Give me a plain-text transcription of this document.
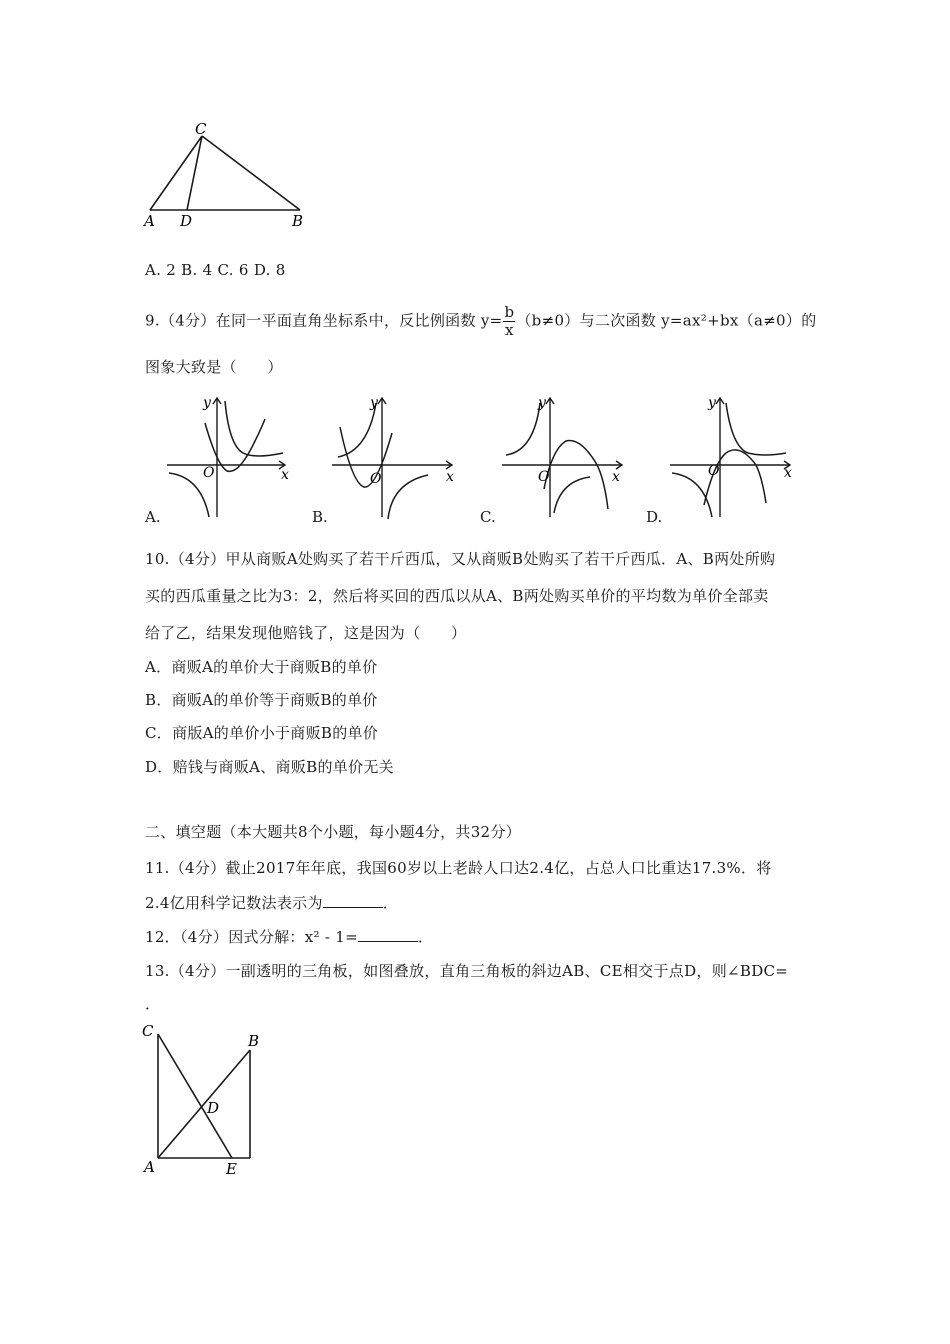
C
A D	B
A. 2 B. 4 C. 6 D. 8
9.（4分）在同一平面直角坐标系中，反比例函数 $y= \frac{b}{x} (b\ne 0)$与二次函数 y=ax²+bx（a≠0）的
图象大致是（　　）
y
x
O
A.
y
x
O
B.
y
x
O
C.
y
x
O
D.
10.（4分）甲从商贩A处购买了若干斤西瓜，又从商贩B处购买了若干斤西瓜．A、B两处所购
买的西瓜重量之比为3：2，然后将买回的西瓜以从A、B两处购买单价的平均数为单价全部卖
给了乙，结果发现他赔钱了，这是因为（　　）
A．商贩A的单价大于商贩B的单价
B．商贩A的单价等于商贩B的单价
C．商版A的单价小于商贩B的单价
D．赔钱与商贩A、商贩B的单价无关
二、填空题（本大题共8个小题，每小题4分，共32分）
11.（4分）截止2017年年底，我国60岁以上老龄人口达2.4亿，占总人口比重达17.3%．将
2.4亿用科学记数法表示为	．
12．（4分）因式分解：x² - 1=	．
13.（4分）一副透明的三角板，如图叠放，直角三角板的斜边AB、CE相交于点D，则∠BDC=
．
C
B
D
A	E
